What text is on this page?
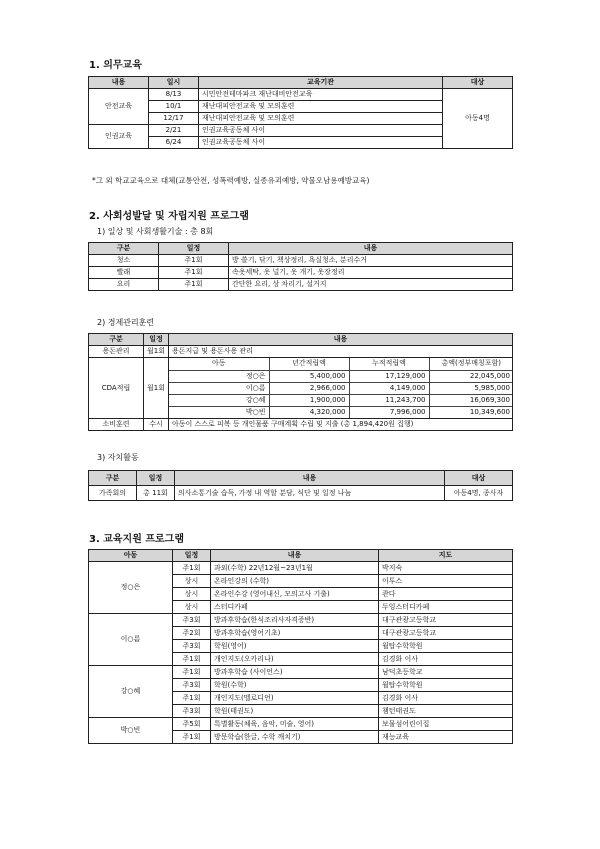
1. 의무교육
내용	일시	교육기관	대상
안전교육	8/13	시민안전테마파크 재난대비안전교육	아동4명
	10/1	재난대피안전교육 및 모의훈련	
	12/17	재난대피안전교육 및 모의훈련	
인권교육	2/21	인권교육공동체 사이	
	6/24	인권교육공동체 사이	
*그 외 학교교육으로 대체(교통안전, 성폭력예방, 실종유괴예방, 약물오남용예방교육)
2. 사회성발달 및 자립지원 프로그램
1) 일상 및 사회생활기술 : 총 8회
구분	일정	내용
청소	주1회	방 쓸기, 닦기, 책상정리, 욕실청소, 분리수거
빨래	주1회	속옷세탁, 옷 널기, 옷 개기, 옷장정리
요리	주1회	간단한 요리, 상 차리기, 설거지
2) 경제관리훈련
구분	일정	내용
용돈관리	월1회	용돈지급 및 용돈사용 관리
CDA적립	월1회	
아동	년간적립액	누적적립액	총액(정부매칭포함)
정○은	5,400,000	17,129,000	22,045,000
이○름	2,966,000	4,149,000	5,985,000
강○혜	1,900,000	11,243,700	16,069,300
박○빈	4,320,000	7,996,000	10,349,600

소비훈련	수시	아동이 스스로 피복 등 개인물품 구매계획 수립 및 지출 (총 1,894,420원 집행)
3) 자치활동
구분	일정	내용	대상
가족회의	총 11회	의사소통기술 습득, 가정 내 역할 분담, 식단 및 일정 나눔	아동4명, 종사자
3. 교육지원 프로그램
아동	일정	내용	지도
정○은	주1회	과외(수학) 22년12월~23년1월	박지숙
	상시	온라인강의 (수학)	이투스
	상시	온라인수강 (영어내신, 모의고사 기출)	콴다
	상시	스터디카페	두잉스터디카페
이○름	주3회	방과후학습(한식조리사자격증반)	대구관광고등학교
	주2회	방과후학습(영어기초)	대구관광고등학교
	주3회	학원(영어)	월탑수학학원
	주1회	개인지도(오카리나)	김경화 이사
강○혜	주1회	방과후학습 (사이언스)	남덕초등학교
	주3회	학원(수학)	월탑수학학원
	주1회	개인지도(멜로디언)	김경화 이사
	주3회	학원(태권도)	챔턴태권도
박○빈	주5회	특별활동(체육, 음악, 미술, 영어)	보물섬어린이집
	주1회	방문학습(한글, 수학 깨치기)	재능교육
